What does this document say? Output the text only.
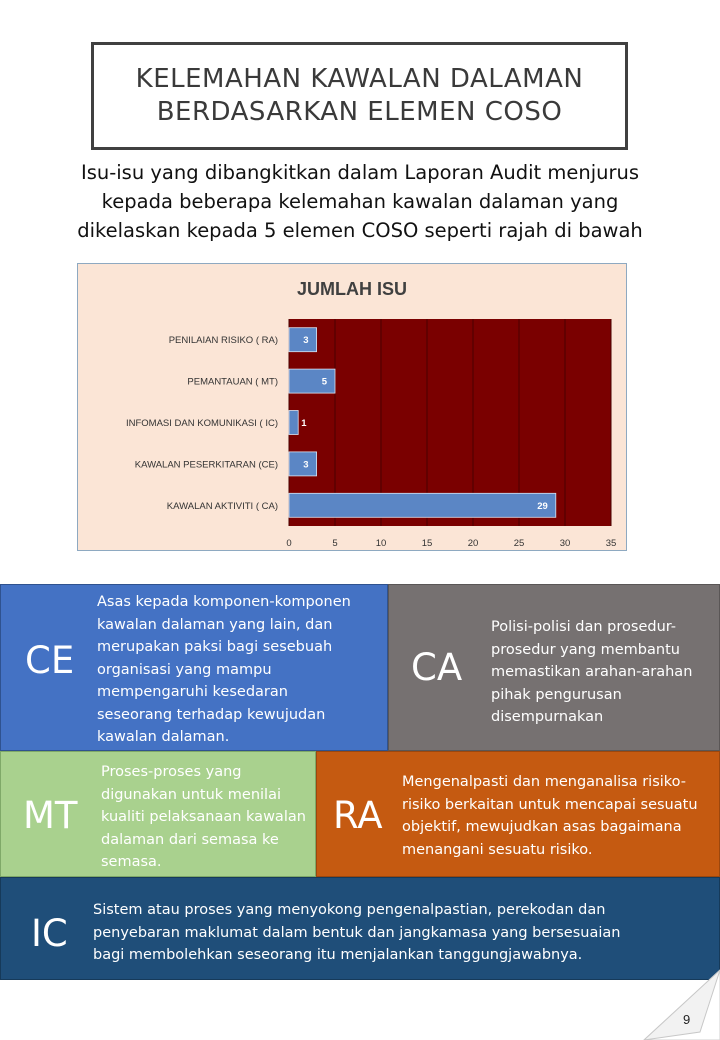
KELEMAHAN KAWALAN DALAMAN
BERDASARKAN ELEMEN COSO
Isu-isu yang dibangkitkan dalam Laporan Audit menjurus
kepada beberapa kelemahan kawalan dalaman yang
dikelaskan kepada 5 elemen COSO seperti rajah di bawah
JUMLAH ISU
0	5	10	15	20	25	30	35
PENILAIAN RISIKO ( RA)	3
PEMANTAUAN ( MT)	5
INFOMASI DAN KOMUNIKASI ( IC) 1
KAWALAN PESERKITARAN (CE)	3
KAWALAN AKTIVITI ( CA)	29
CE
Asas kepada komponen-komponen
kawalan dalaman yang lain, dan
merupakan paksi bagi sesebuah
organisasi yang mampu
mempengaruhi kesedaran
seseorang terhadap kewujudan
kawalan dalaman.
CA
Polisi-polisi dan prosedur-
prosedur yang membantu
memastikan arahan-arahan
pihak pengurusan
disempurnakan
MT
Proses-proses yang
digunakan untuk menilai
kualiti pelaksanaan kawalan
dalaman dari semasa ke
semasa.
RA
Mengenalpasti dan menganalisa risiko-
risiko berkaitan untuk mencapai sesuatu
objektif, mewujudkan asas bagaimana
menangani sesuatu risiko.
IC
Sistem atau proses yang menyokong pengenalpastian, perekodan dan
penyebaran maklumat dalam bentuk dan jangkamasa yang bersesuaian
bagi membolehkan seseorang itu menjalankan tanggungjawabnya.
9
